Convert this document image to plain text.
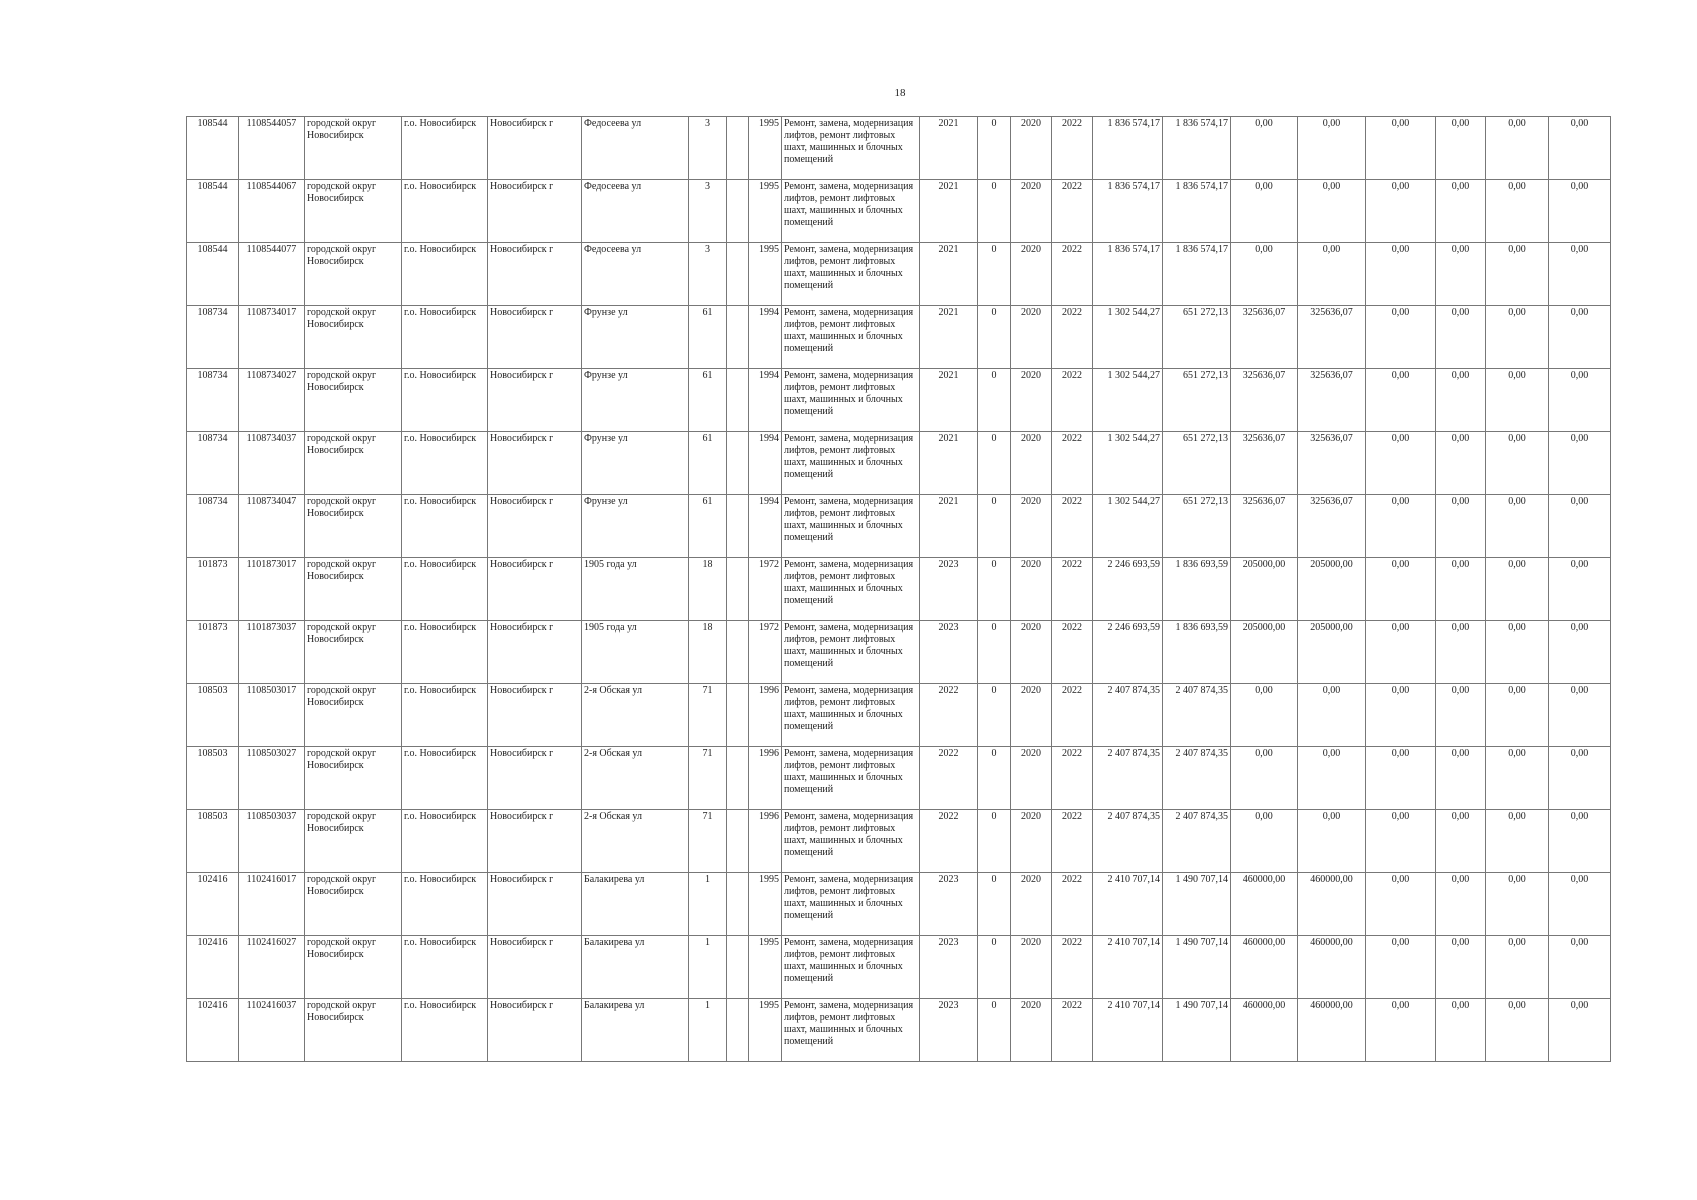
18
108544	1108544057	городской округ Новосибирск	г.о. Новосибирск	Новосибирск г	Федосеева ул	3		1995	Ремонт, замена, модернизация лифтов, ремонт лифтовых шахт, машинных и блочных помещений	2021	0	2020	2022	1 836 574,17	1 836 574,17	0,00	0,00	0,00	0,00	0,00	0,00
108544	1108544067	городской округ Новосибирск	г.о. Новосибирск	Новосибирск г	Федосеева ул	3		1995	Ремонт, замена, модернизация лифтов, ремонт лифтовых шахт, машинных и блочных помещений	2021	0	2020	2022	1 836 574,17	1 836 574,17	0,00	0,00	0,00	0,00	0,00	0,00
108544	1108544077	городской округ Новосибирск	г.о. Новосибирск	Новосибирск г	Федосеева ул	3		1995	Ремонт, замена, модернизация лифтов, ремонт лифтовых шахт, машинных и блочных помещений	2021	0	2020	2022	1 836 574,17	1 836 574,17	0,00	0,00	0,00	0,00	0,00	0,00
108734	1108734017	городской округ Новосибирск	г.о. Новосибирск	Новосибирск г	Фрунзе ул	61		1994	Ремонт, замена, модернизация лифтов, ремонт лифтовых шахт, машинных и блочных помещений	2021	0	2020	2022	1 302 544,27	651 272,13	325636,07	325636,07	0,00	0,00	0,00	0,00
108734	1108734027	городской округ Новосибирск	г.о. Новосибирск	Новосибирск г	Фрунзе ул	61		1994	Ремонт, замена, модернизация лифтов, ремонт лифтовых шахт, машинных и блочных помещений	2021	0	2020	2022	1 302 544,27	651 272,13	325636,07	325636,07	0,00	0,00	0,00	0,00
108734	1108734037	городской округ Новосибирск	г.о. Новосибирск	Новосибирск г	Фрунзе ул	61		1994	Ремонт, замена, модернизация лифтов, ремонт лифтовых шахт, машинных и блочных помещений	2021	0	2020	2022	1 302 544,27	651 272,13	325636,07	325636,07	0,00	0,00	0,00	0,00
108734	1108734047	городской округ Новосибирск	г.о. Новосибирск	Новосибирск г	Фрунзе ул	61		1994	Ремонт, замена, модернизация лифтов, ремонт лифтовых шахт, машинных и блочных помещений	2021	0	2020	2022	1 302 544,27	651 272,13	325636,07	325636,07	0,00	0,00	0,00	0,00
101873	1101873017	городской округ Новосибирск	г.о. Новосибирск	Новосибирск г	1905 года ул	18		1972	Ремонт, замена, модернизация лифтов, ремонт лифтовых шахт, машинных и блочных помещений	2023	0	2020	2022	2 246 693,59	1 836 693,59	205000,00	205000,00	0,00	0,00	0,00	0,00
101873	1101873037	городской округ Новосибирск	г.о. Новосибирск	Новосибирск г	1905 года ул	18		1972	Ремонт, замена, модернизация лифтов, ремонт лифтовых шахт, машинных и блочных помещений	2023	0	2020	2022	2 246 693,59	1 836 693,59	205000,00	205000,00	0,00	0,00	0,00	0,00
108503	1108503017	городской округ Новосибирск	г.о. Новосибирск	Новосибирск г	2-я Обская ул	71		1996	Ремонт, замена, модернизация лифтов, ремонт лифтовых шахт, машинных и блочных помещений	2022	0	2020	2022	2 407 874,35	2 407 874,35	0,00	0,00	0,00	0,00	0,00	0,00
108503	1108503027	городской округ Новосибирск	г.о. Новосибирск	Новосибирск г	2-я Обская ул	71		1996	Ремонт, замена, модернизация лифтов, ремонт лифтовых шахт, машинных и блочных помещений	2022	0	2020	2022	2 407 874,35	2 407 874,35	0,00	0,00	0,00	0,00	0,00	0,00
108503	1108503037	городской округ Новосибирск	г.о. Новосибирск	Новосибирск г	2-я Обская ул	71		1996	Ремонт, замена, модернизация лифтов, ремонт лифтовых шахт, машинных и блочных помещений	2022	0	2020	2022	2 407 874,35	2 407 874,35	0,00	0,00	0,00	0,00	0,00	0,00
102416	1102416017	городской округ Новосибирск	г.о. Новосибирск	Новосибирск г	Балакирева ул	1		1995	Ремонт, замена, модернизация лифтов, ремонт лифтовых шахт, машинных и блочных помещений	2023	0	2020	2022	2 410 707,14	1 490 707,14	460000,00	460000,00	0,00	0,00	0,00	0,00
102416	1102416027	городской округ Новосибирск	г.о. Новосибирск	Новосибирск г	Балакирева ул	1		1995	Ремонт, замена, модернизация лифтов, ремонт лифтовых шахт, машинных и блочных помещений	2023	0	2020	2022	2 410 707,14	1 490 707,14	460000,00	460000,00	0,00	0,00	0,00	0,00
102416	1102416037	городской округ Новосибирск	г.о. Новосибирск	Новосибирск г	Балакирева ул	1		1995	Ремонт, замена, модернизация лифтов, ремонт лифтовых шахт, машинных и блочных помещений	2023	0	2020	2022	2 410 707,14	1 490 707,14	460000,00	460000,00	0,00	0,00	0,00	0,00
